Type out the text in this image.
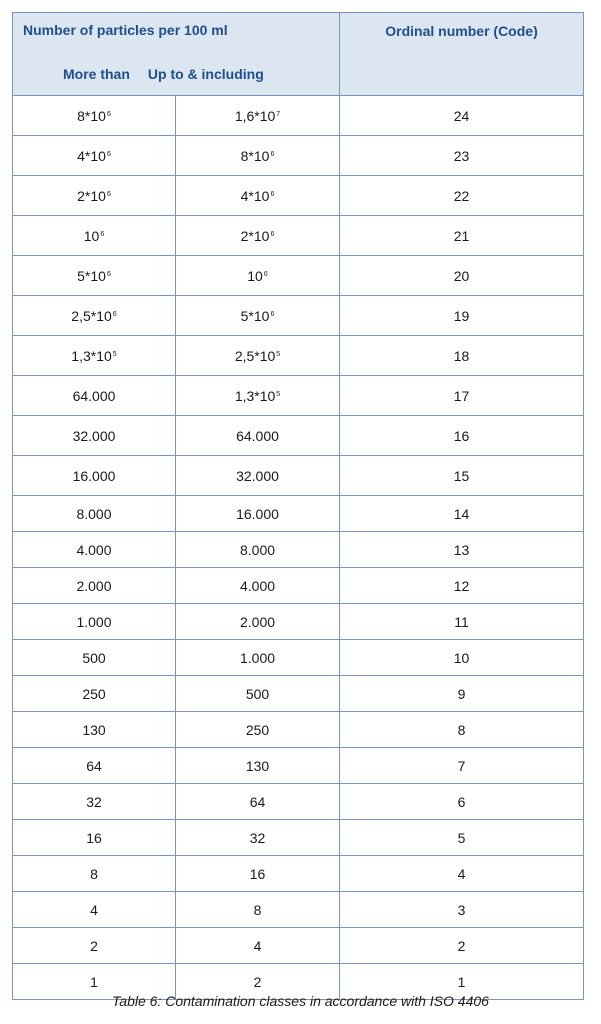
Number of particles per 100 ml		Ordinal number (Code)

More than Up to & including		

$8*10^6$	$1,6*10^7$	24
$4*10^6$	$8*10^6$	23
$2*10^6$	$4*10^6$	22
$10^6$	$2*10^6$	21
$5*10^6$	$10^6$	20
$2,5*10^6$	$5*10^6$	19
$1,3*10^5$	$2,5*10^5$	18
64.000	$1,3*10^5$	17
32.000	64.000	16
16.000	32.000	15
8.000	16.000	14
4.000	8.000	13
2.000	4.000	12
1.000	2.000	11
500	1.000	10
250	500	9
130	250	8
64	130	7
32	64	6
16	32	5
8	16	4
4	8	3
2	4	2
1	2	1
Table 6: Contamination classes in accordance with ISO 4406
